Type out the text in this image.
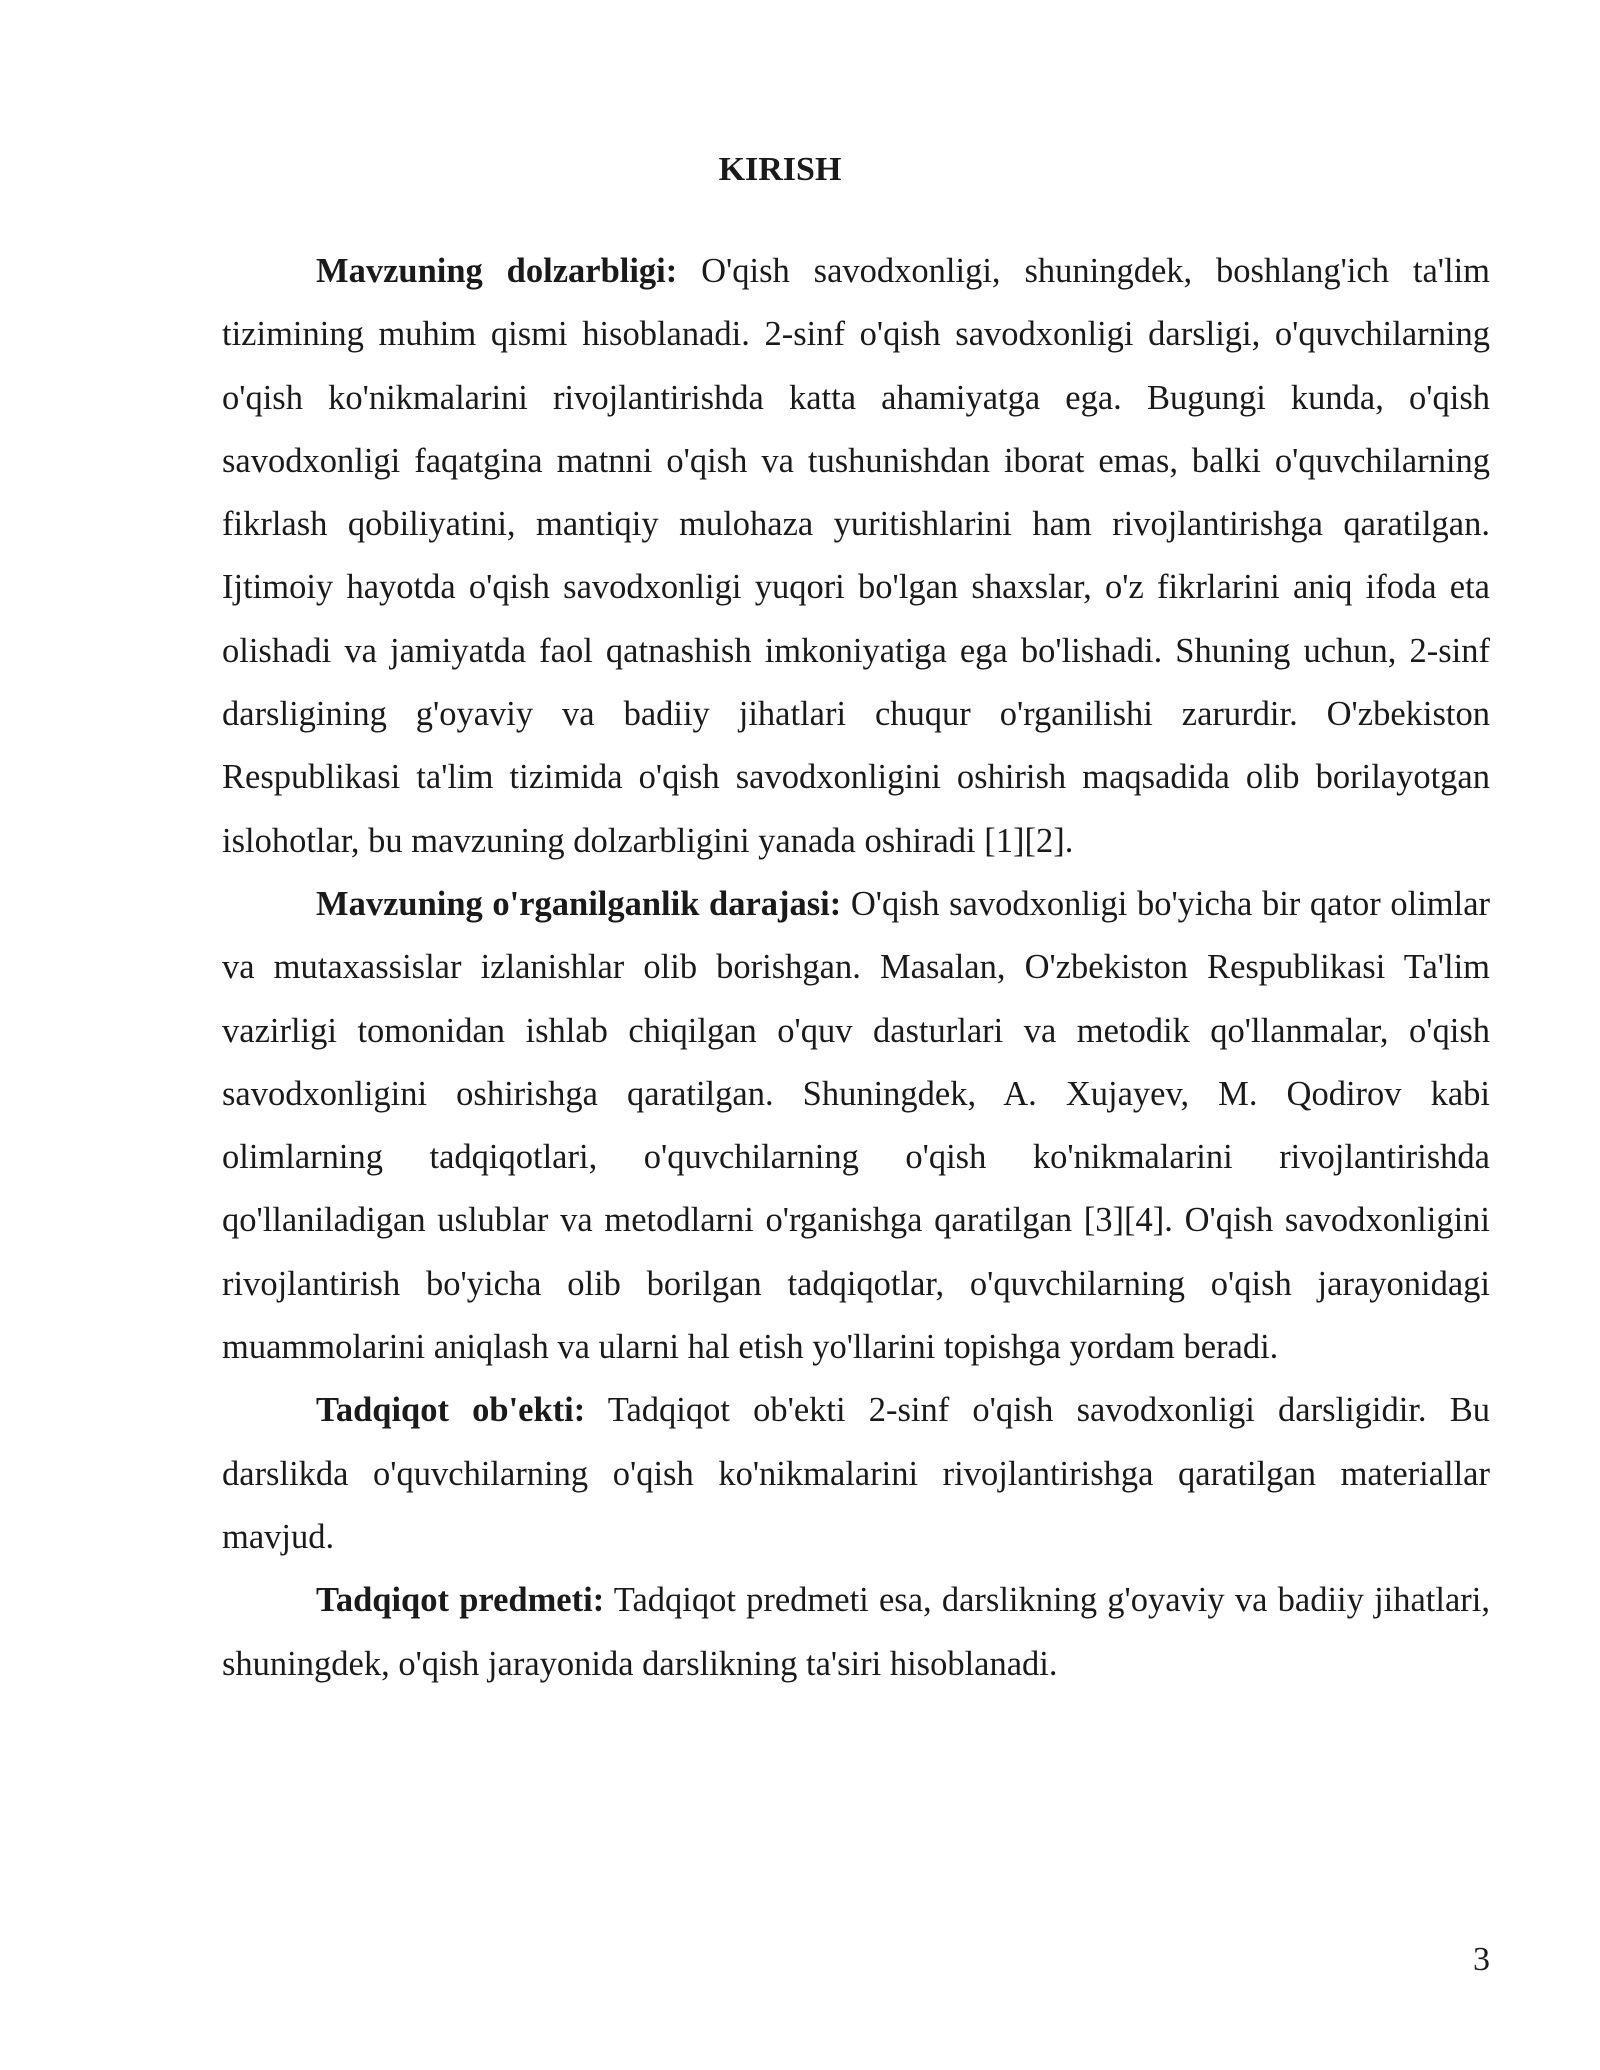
KIRISH

Mavzuning dolzarbligi: O'qish savodxonligi, shuningdek, boshlang'ich ta'lim tizimining muhim qismi hisoblanadi. 2-sinf o'qish savodxonligi darsligi, o'quvchilarning o'qish ko'nikmalarini rivojlantirishda katta ahamiyatga ega. Bugungi kunda, o'qish savodxonligi faqatgina matnni o'qish va tushunishdan iborat emas, balki o'quvchilarning fikrlash qobiliyatini, mantiqiy mulohaza yuritishlarini ham rivojlantirishga qaratilgan. Ijtimoiy hayotda o'qish savodxonligi yuqori bo'lgan shaxslar, o'z fikrlarini aniq ifoda eta olishadi va jamiyatda faol qatnashish imkoniyatiga ega bo'lishadi. Shuning uchun, 2-sinf darsligining g'oyaviy va badiiy jihatlari chuqur o'rganilishi zarurdir. O'zbekiston Respublikasi ta'lim tizimida o'qish savodxonligini oshirish maqsadida olib borilayotgan islohotlar, bu mavzuning dolzarbligini yanada oshiradi [1][2].

Mavzuning o'rganilganlik darajasi: O'qish savodxonligi bo'yicha bir qator olimlar va mutaxassislar izlanishlar olib borishgan. Masalan, O'zbekiston Respublikasi Ta'lim vazirligi tomonidan ishlab chiqilgan o'quv dasturlari va metodik qo'llanmalar, o'qish savodxonligini oshirishga qaratilgan. Shuningdek, A. Xujayev, M. Qodirov kabi olimlarning tadqiqotlari, o'quvchilarning o'qish ko'nikmalarini rivojlantirishda qo'llaniladigan uslublar va metodlarni o'rganishga qaratilgan [3][4]. O'qish savodxonligini rivojlantirish bo'yicha olib borilgan tadqiqotlar, o'quvchilarning o'qish jarayonidagi muammolarini aniqlash va ularni hal etish yo'llarini topishga yordam beradi.

Tadqiqot ob'ekti: Tadqiqot ob'ekti 2-sinf o'qish savodxonligi darsligidir. Bu darslikda o'quvchilarning o'qish ko'nikmalarini rivojlantirishga qaratilgan materiallar mavjud.

Tadqiqot predmeti: Tadqiqot predmeti esa, darslikning g'oyaviy va badiiy jihatlari, shuningdek, o'qish jarayonida darslikning ta'siri hisoblanadi.

3
